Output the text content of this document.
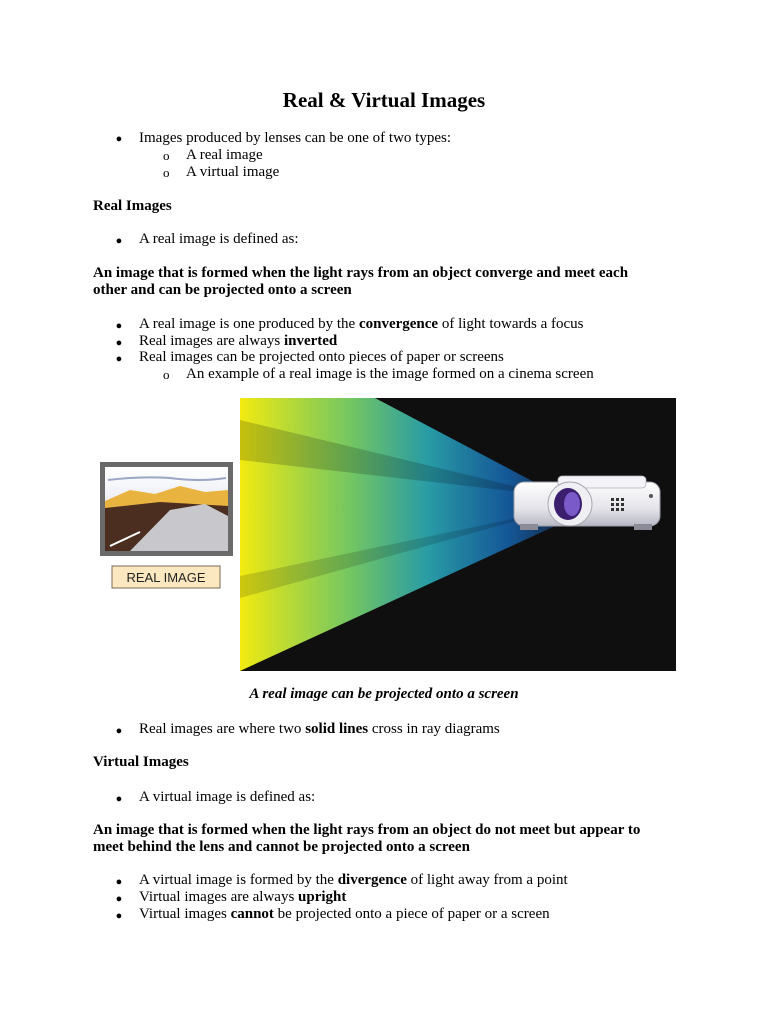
Real & Virtual Images
● Images produced by lenses can be one of two types:
o A real image
o A virtual image
Real Images
● A real image is defined as:
An image that is formed when the light rays from an object converge and meet each
other and can be projected onto a screen
● A real image is one produced by the convergence of light towards a focus
● Real images are always inverted
● Real images can be projected onto pieces of paper or screens
o An example of a real image is the image formed on a cinema screen
REAL IMAGE
A real image can be projected onto a screen
● Real images are where two solid lines cross in ray diagrams
Virtual Images
● A virtual image is defined as:
An image that is formed when the light rays from an object do not meet but appear to
meet behind the lens and cannot be projected onto a screen
● A virtual image is formed by the divergence of light away from a point
● Virtual images are always upright
● Virtual images cannot be projected onto a piece of paper or a screen
